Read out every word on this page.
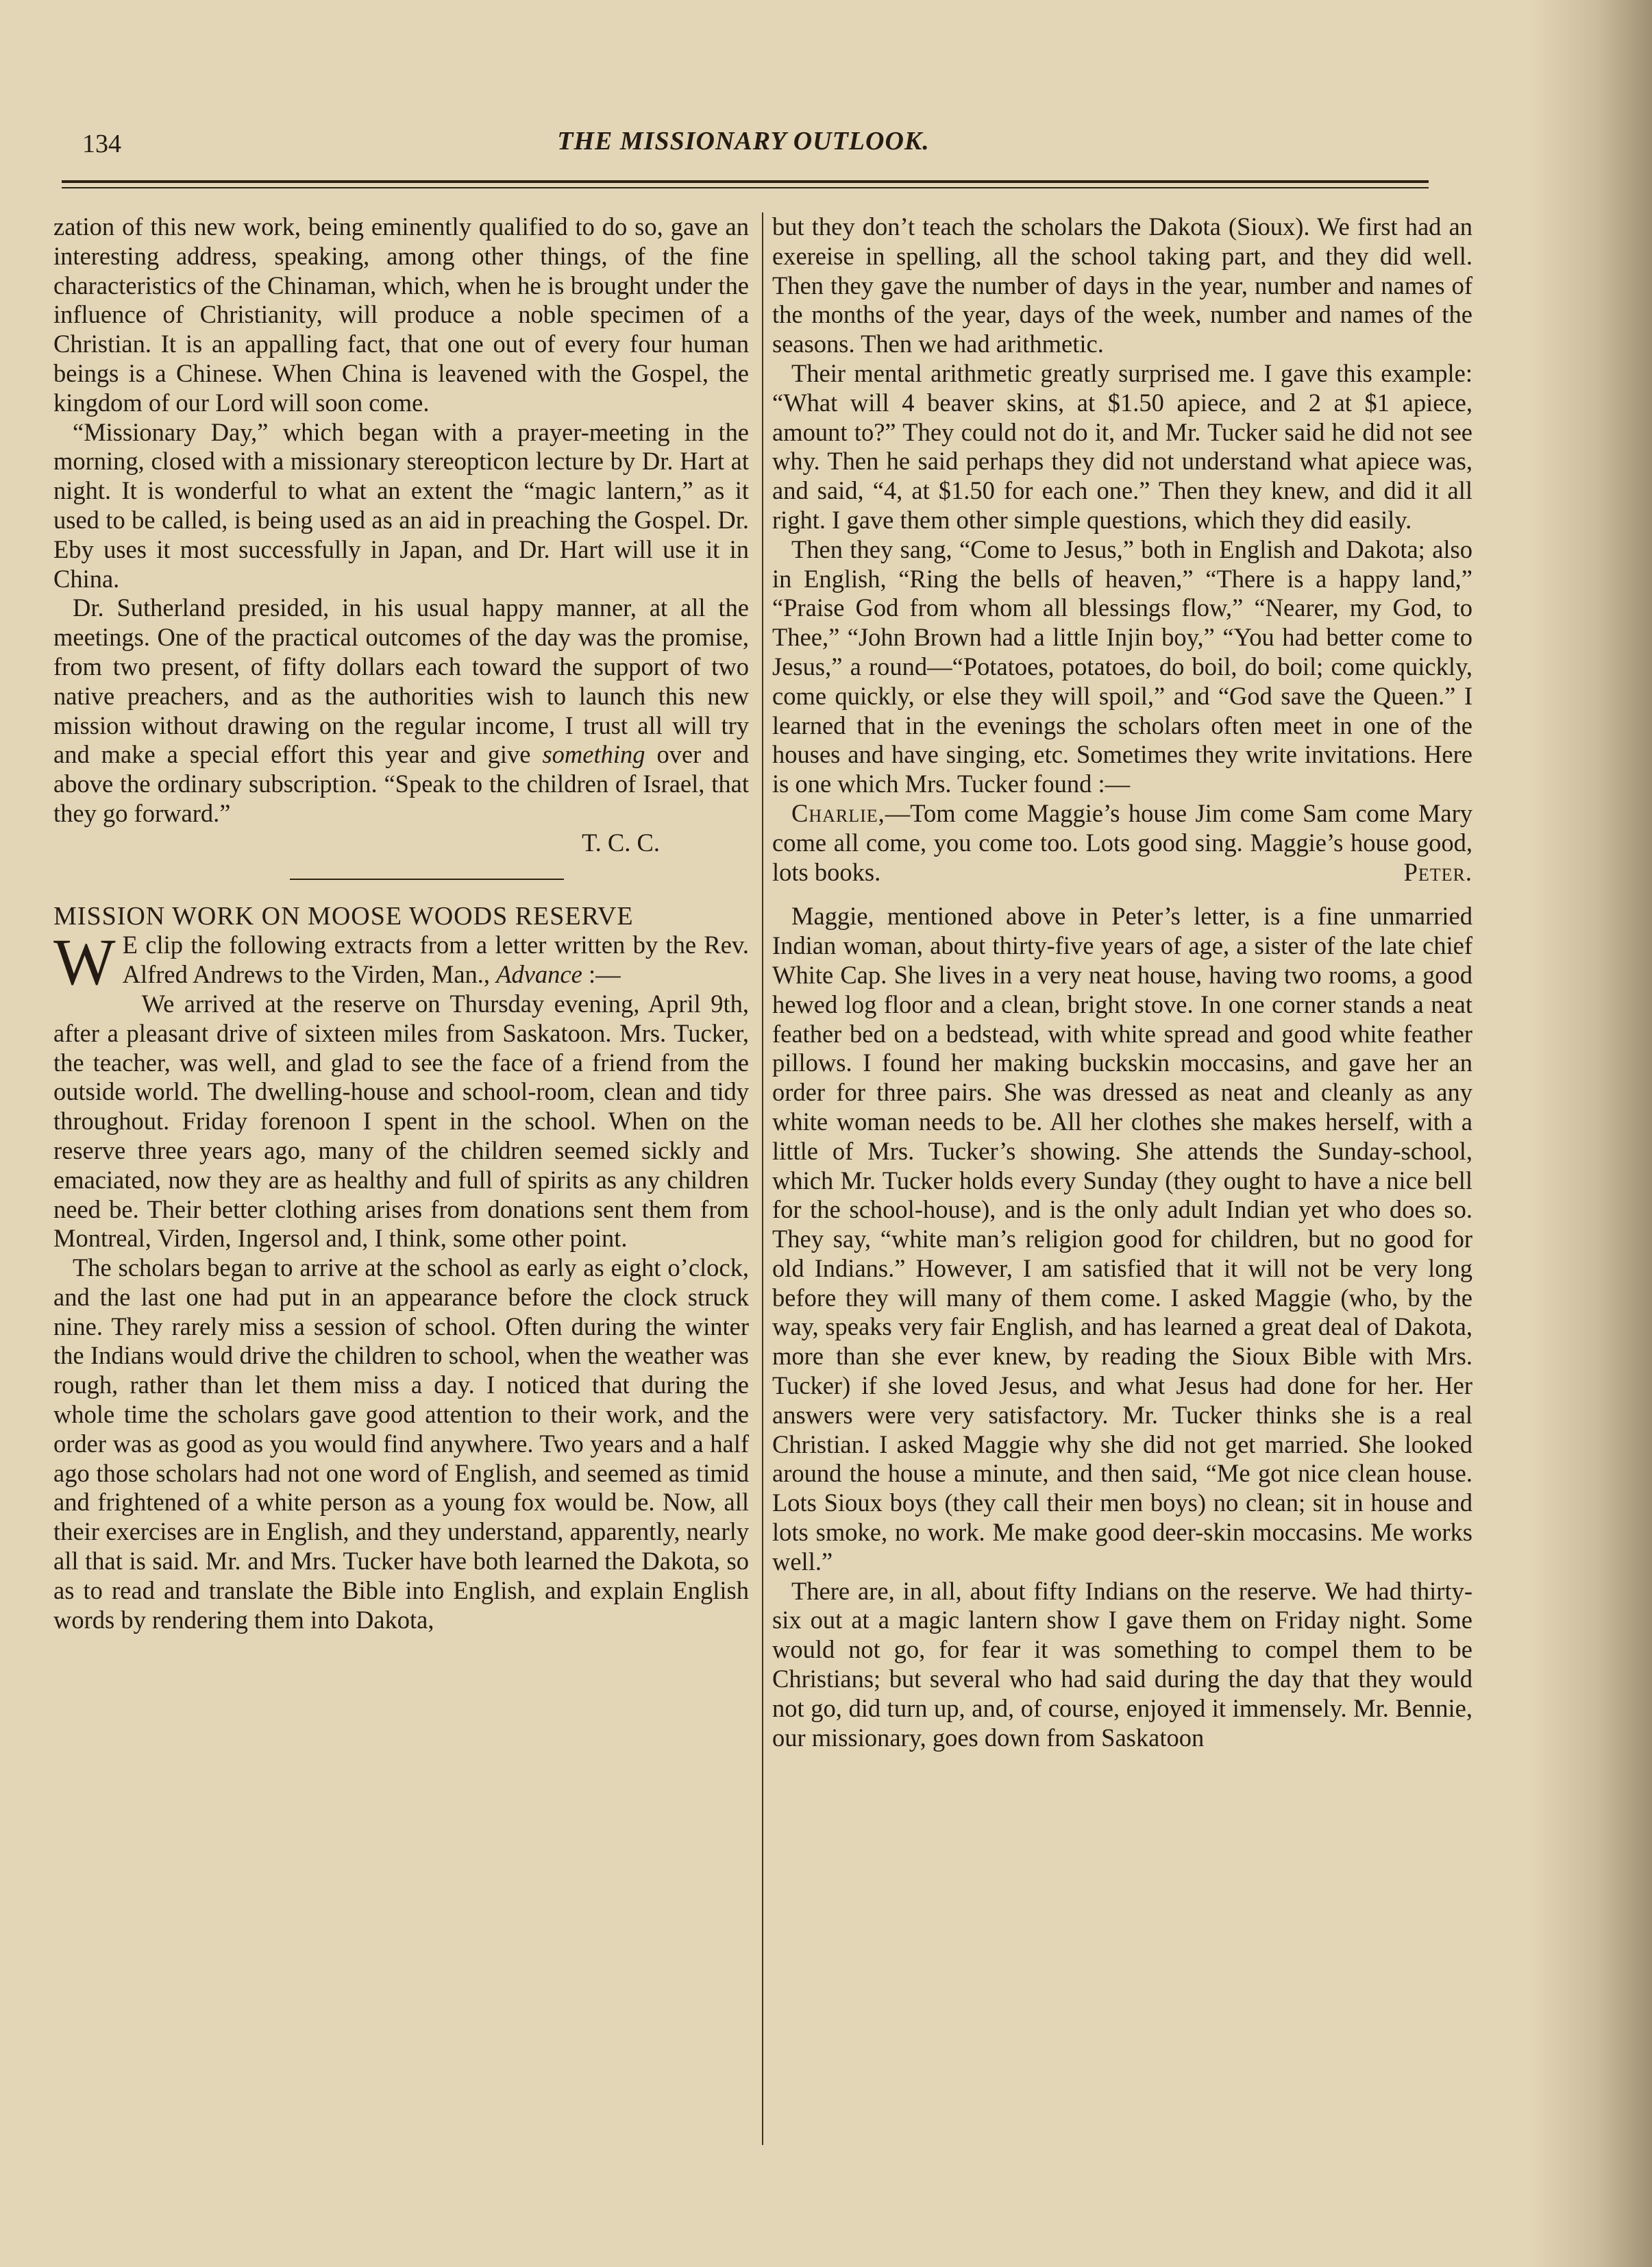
134	THE MISSIONARY OUTLOOK.

zation of this new work, being eminently qualified to do so, gave an interesting address, speaking, among other things, of the fine characteristics of the Chinaman, which, when he is brought under the influence of Christianity, will produce a noble specimen of a Christian. It is an appalling fact, that one out of every four human beings is a Chinese. When China is leavened with the Gospel, the kingdom of our Lord will soon come.

“Missionary Day,” which began with a prayer-meeting in the morning, closed with a missionary stereopticon lecture by Dr. Hart at night. It is wonderful to what an extent the “magic lantern,” as it used to be called, is being used as an aid in preaching the Gospel. Dr. Eby uses it most successfully in Japan, and Dr. Hart will use it in China.

Dr. Sutherland presided, in his usual happy manner, at all the meetings. One of the practical outcomes of the day was the promise, from two present, of fifty dollars each toward the support of two native preachers, and as the authorities wish to launch this new mission without drawing on the regular income, I trust all will try and make a special effort this year and give something over and above the ordinary subscription. “Speak to the children of Israel, that they go forward.”

T. C. C.

MISSION WORK ON MOOSE WOODS RESERVE

W E clip the following extracts from a letter written by the Rev. Alfred Andrews to the Virden, Man., Advance :—

We arrived at the reserve on Thursday evening, April 9th, after a pleasant drive of sixteen miles from Saskatoon. Mrs. Tucker, the teacher, was well, and glad to see the face of a friend from the outside world. The dwelling-house and school-room, clean and tidy throughout. Friday forenoon I spent in the school. When on the reserve three years ago, many of the children seemed sickly and emaciated, now they are as healthy and full of spirits as any children need be. Their better clothing arises from donations sent them from Montreal, Virden, Ingersol and, I think, some other point.

The scholars began to arrive at the school as early as eight o’clock, and the last one had put in an appearance before the clock struck nine. They rarely miss a session of school. Often during the winter the Indians would drive the children to school, when the weather was rough, rather than let them miss a day. I noticed that during the whole time the scholars gave good attention to their work, and the order was as good as you would find anywhere. Two years and a half ago those scholars had not one word of English, and seemed as timid and frightened of a white person as a young fox would be. Now, all their exercises are in English, and they understand, apparently, nearly all that is said. Mr. and Mrs. Tucker have both learned the Dakota, so as to read and translate the Bible into English, and explain English words by rendering them into Dakota,

but they don’t teach the scholars the Dakota (Sioux). We first had an exereise in spelling, all the school taking part, and they did well. Then they gave the number of days in the year, number and names of the months of the year, days of the week, number and names of the seasons. Then we had arithmetic.

Their mental arithmetic greatly surprised me. I gave this example: “What will 4 beaver skins, at $1.50 apiece, and 2 at $1 apiece, amount to?” They could not do it, and Mr. Tucker said he did not see why. Then he said perhaps they did not understand what apiece was, and said, “4, at $1.50 for each one.” Then they knew, and did it all right. I gave them other simple questions, which they did easily.

Then they sang, “Come to Jesus,” both in English and Dakota; also in English, “Ring the bells of heaven,” “There is a happy land,” “Praise God from whom all blessings flow,” “Nearer, my God, to Thee,” “John Brown had a little Injin boy,” “You had better come to Jesus,” a round—“Potatoes, potatoes, do boil, do boil; come quickly, come quickly, or else they will spoil,” and “God save the Queen.” I learned that in the evenings the scholars often meet in one of the houses and have singing, etc. Sometimes they write invitations. Here is one which Mrs. Tucker found :—

Charlie,—Tom come Maggie’s house Jim come Sam come Mary come all come, you come too. Lots good sing. Maggie’s house good, lots books.	Peter.

Maggie, mentioned above in Peter’s letter, is a fine unmarried Indian woman, about thirty-five years of age, a sister of the late chief White Cap. She lives in a very neat house, having two rooms, a good hewed log floor and a clean, bright stove. In one corner stands a neat feather bed on a bedstead, with white spread and good white feather pillows. I found her making buckskin moccasins, and gave her an order for three pairs. She was dressed as neat and cleanly as any white woman needs to be. All her clothes she makes herself, with a little of Mrs. Tucker’s showing. She attends the Sunday-school, which Mr. Tucker holds every Sunday (they ought to have a nice bell for the school-house), and is the only adult Indian yet who does so. They say, “white man’s religion good for children, but no good for old Indians.” However, I am satisfied that it will not be very long before they will many of them come. I asked Maggie (who, by the way, speaks very fair English, and has learned a great deal of Dakota, more than she ever knew, by reading the Sioux Bible with Mrs. Tucker) if she loved Jesus, and what Jesus had done for her. Her answers were very satisfactory. Mr. Tucker thinks she is a real Christian. I asked Maggie why she did not get married. She looked around the house a minute, and then said, “Me got nice clean house. Lots Sioux boys (they call their men boys) no clean; sit in house and lots smoke, no work. Me make good deer-skin moccasins. Me works well.”

There are, in all, about fifty Indians on the reserve. We had thirty-six out at a magic lantern show I gave them on Friday night. Some would not go, for fear it was something to compel them to be Christians; but several who had said during the day that they would not go, did turn up, and, of course, enjoyed it immensely. Mr. Bennie, our missionary, goes down from Saskatoon
